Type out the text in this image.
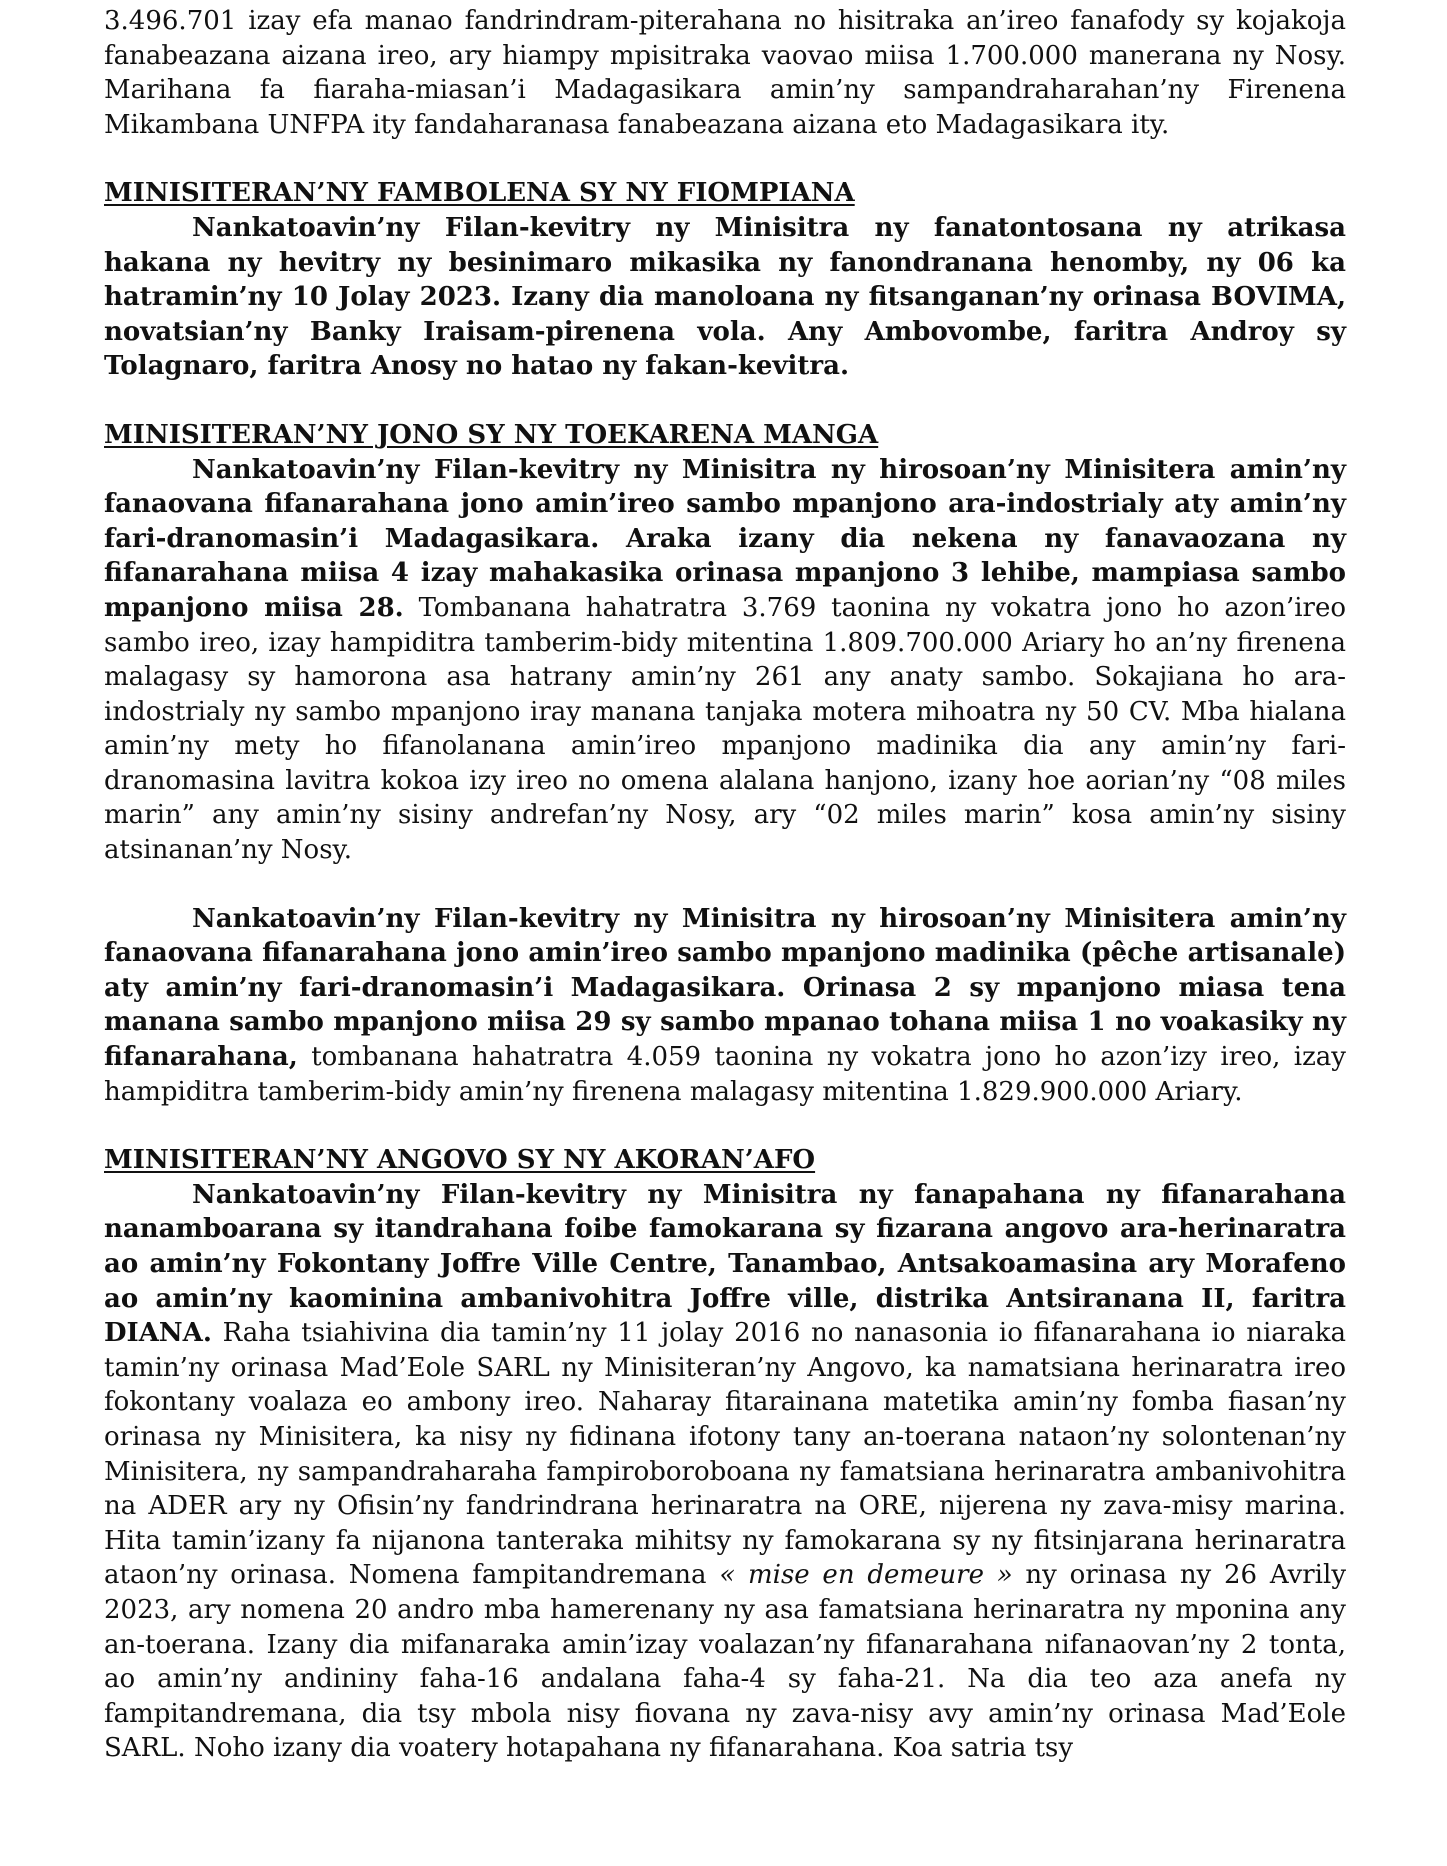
3.496.701 izay efa manao fandrindram-piterahana no hisitraka an’ireo fanafody sy kojakoja fanabeazana aizana ireo, ary hiampy mpisitraka vaovao miisa 1.700.000 manerana ny Nosy. Marihana fa fiaraha-miasan’i Madagasikara amin’ny sampandraharahan’ny Firenena Mikambana UNFPA ity fandaharanasa fanabeazana aizana eto Madagasikara ity.

MINISITERAN’NY FAMBOLENA SY NY FIOMPIANA

Nankatoavin’ny Filan-kevitry ny Minisitra ny fanatontosana ny atrikasa hakana ny hevitry ny besinimaro mikasika ny fanondranana henomby, ny 06 ka hatramin’ny 10 Jolay 2023. Izany dia manoloana ny fitsanganan’ny orinasa BOVIMA, novatsian’ny Banky Iraisam-pirenena vola. Any Ambovombe, faritra Androy sy Tolagnaro, faritra Anosy no hatao ny fakan-kevitra.

MINISITERAN’NY JONO SY NY TOEKARENA MANGA

Nankatoavin’ny Filan-kevitry ny Minisitra ny hirosoan’ny Minisitera amin’ny fanaovana fifanarahana jono amin’ireo sambo mpanjono ara-indostrialy aty amin’ny fari-dranomasin’i Madagasikara. Araka izany dia nekena ny fanavaozana ny fifanarahana miisa 4 izay mahakasika orinasa mpanjono 3 lehibe, mampiasa sambo mpanjono miisa 28. Tombanana hahatratra 3.769 taonina ny vokatra jono ho azon’ireo sambo ireo, izay hampiditra tamberim-bidy mitentina 1.809.700.000 Ariary ho an’ny firenena malagasy sy hamorona asa hatrany amin’ny 261 any anaty sambo. Sokajiana ho ara-indostrialy ny sambo mpanjono iray manana tanjaka motera mihoatra ny 50 CV. Mba hialana amin’ny mety ho fifanolanana amin’ireo mpanjono madinika dia any amin’ny fari-dranomasina lavitra kokoa izy ireo no omena alalana hanjono, izany hoe aorian’ny “08 miles marin” any amin’ny sisiny andrefan’ny Nosy, ary “02 miles marin” kosa amin’ny sisiny atsinanan’ny Nosy.

Nankatoavin’ny Filan-kevitry ny Minisitra ny hirosoan’ny Minisitera amin’ny fanaovana fifanarahana jono amin’ireo sambo mpanjono madinika (pêche artisanale) aty amin’ny fari-dranomasin’i Madagasikara. Orinasa 2 sy mpanjono miasa tena manana sambo mpanjono miisa 29 sy sambo mpanao tohana miisa 1 no voakasiky ny fifanarahana, tombanana hahatratra 4.059 taonina ny vokatra jono ho azon’izy ireo, izay hampiditra tamberim-bidy amin’ny firenena malagasy mitentina 1.829.900.000 Ariary.

MINISITERAN’NY ANGOVO SY NY AKORAN’AFO

Nankatoavin’ny Filan-kevitry ny Minisitra ny fanapahana ny fifanarahana nanamboarana sy itandrahana foibe famokarana sy fizarana angovo ara-herinaratra ao amin’ny Fokontany Joffre Ville Centre, Tanambao, Antsakoamasina ary Morafeno ao amin’ny kaominina ambanivohitra Joffre ville, distrika Antsiranana II, faritra DIANA. Raha tsiahivina dia tamin’ny 11 jolay 2016 no nanasonia io fifanarahana io niaraka tamin’ny orinasa Mad’Eole SARL ny Minisiteran’ny Angovo, ka namatsiana herinaratra ireo fokontany voalaza eo ambony ireo. Naharay fitarainana matetika amin’ny fomba fiasan’ny orinasa ny Minisitera, ka nisy ny fidinana ifotony tany an-toerana nataon’ny solontenan’ny Minisitera, ny sampandraharaha fampiroboroboana ny famatsiana herinaratra ambanivohitra na ADER ary ny Ofisin’ny fandrindrana herinaratra na ORE, nijerena ny zava-misy marina. Hita tamin’izany fa nijanona tanteraka mihitsy ny famokarana sy ny fitsinjarana herinaratra ataon’ny orinasa. Nomena fampitandremana « mise en demeure » ny orinasa ny 26 Avrily 2023, ary nomena 20 andro mba hamerenany ny asa famatsiana herinaratra ny mponina any an-toerana. Izany dia mifanaraka amin’izay voalazan’ny fifanarahana nifanaovan’ny 2 tonta, ao amin’ny andininy faha-16 andalana faha-4 sy faha-21. Na dia teo aza anefa ny fampitandremana, dia tsy mbola nisy fiovana ny zava-nisy avy amin’ny orinasa Mad’Eole SARL. Noho izany dia voatery hotapahana ny fifanarahana. Koa satria tsy
